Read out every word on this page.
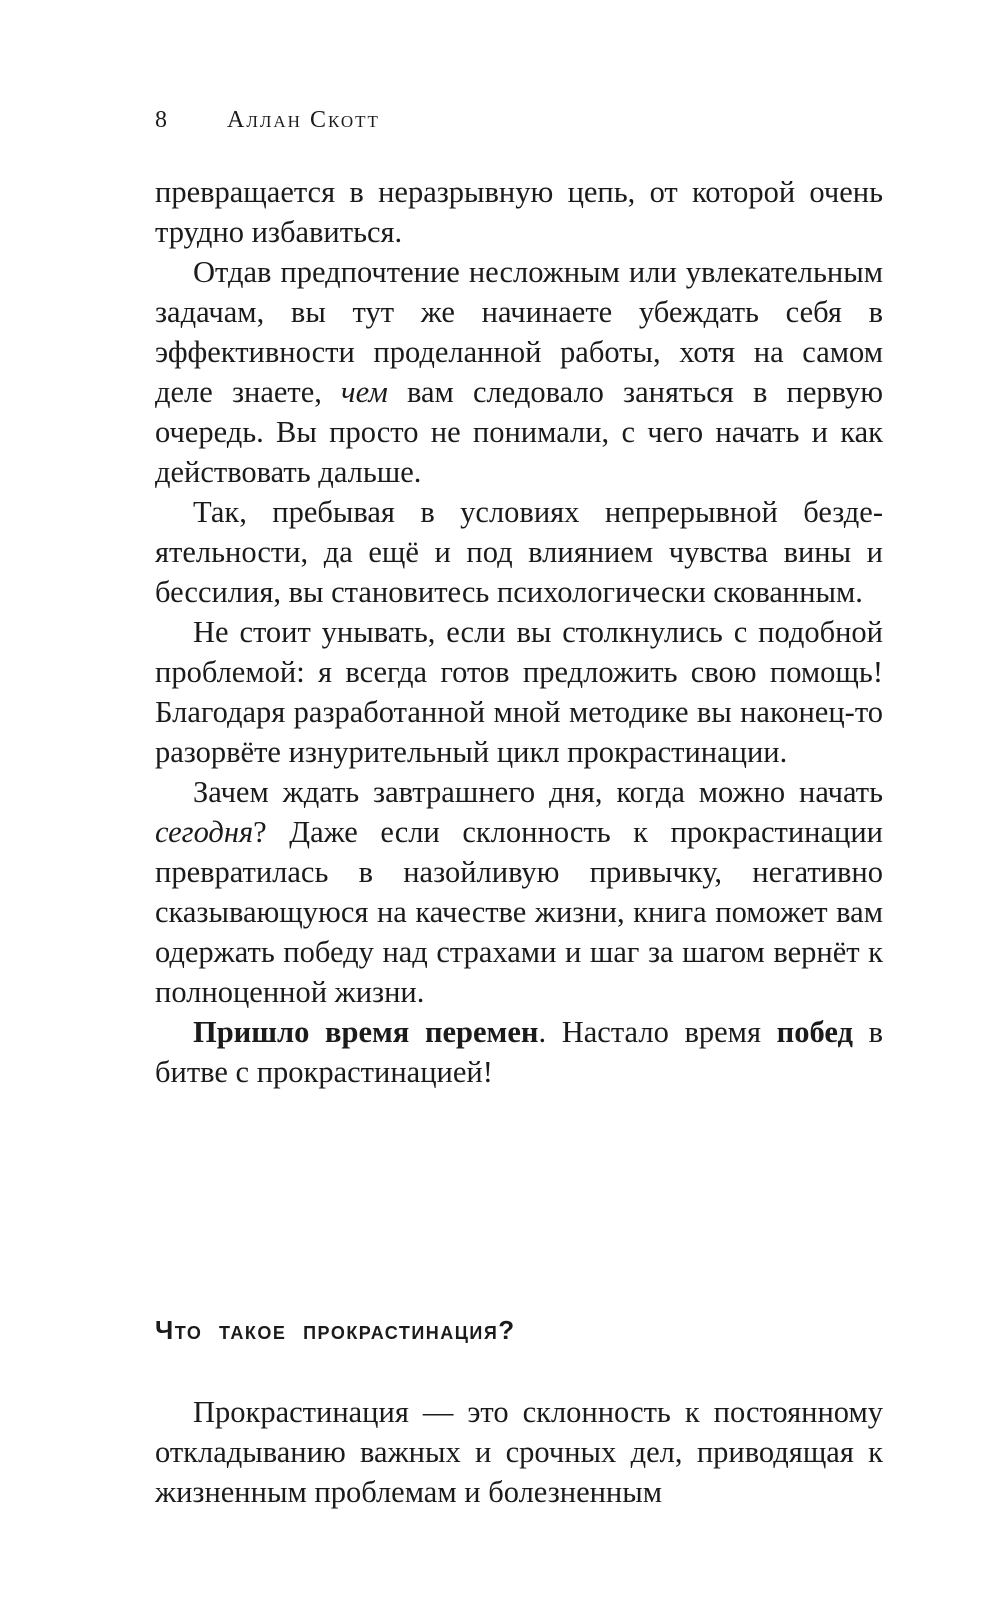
8 Аллан Скотт

превращается в неразрывную цепь, от которой очень трудно избавиться.

Отдав предпочтение несложным или увлекательным задачам, вы тут же начинаете убеждать себя в эффективности проделанной работы, хотя на самом деле знаете, чем вам следовало заняться в первую очередь. Вы просто не понимали, с чего начать и как действовать дальше.

Так, пребывая в условиях непрерывной бездеятельности, да ещё и под влиянием чувства вины и бессилия, вы становитесь психологически скованным.

Не стоит унывать, если вы столкнулись с подобной проблемой: я всегда готов предложить свою помощь! Благодаря разработанной мной методике вы наконец-то разорвёте изнурительный цикл прокрастинации.

Зачем ждать завтрашнего дня, когда можно начать сегодня? Даже если склонность к прокрастинации превратилась в назойливую привычку, негативно сказывающуюся на качестве жизни, книга поможет вам одержать победу над страхами и шаг за шагом вернёт к полноценной жизни.

Пришло время перемен. Настало время побед в битве с прокрастинацией!

Что такое прокрастинация?

Прокрастинация — это склонность к постоянному откладыванию важных и срочных дел, приводящая к жизненным проблемам и болезненным
